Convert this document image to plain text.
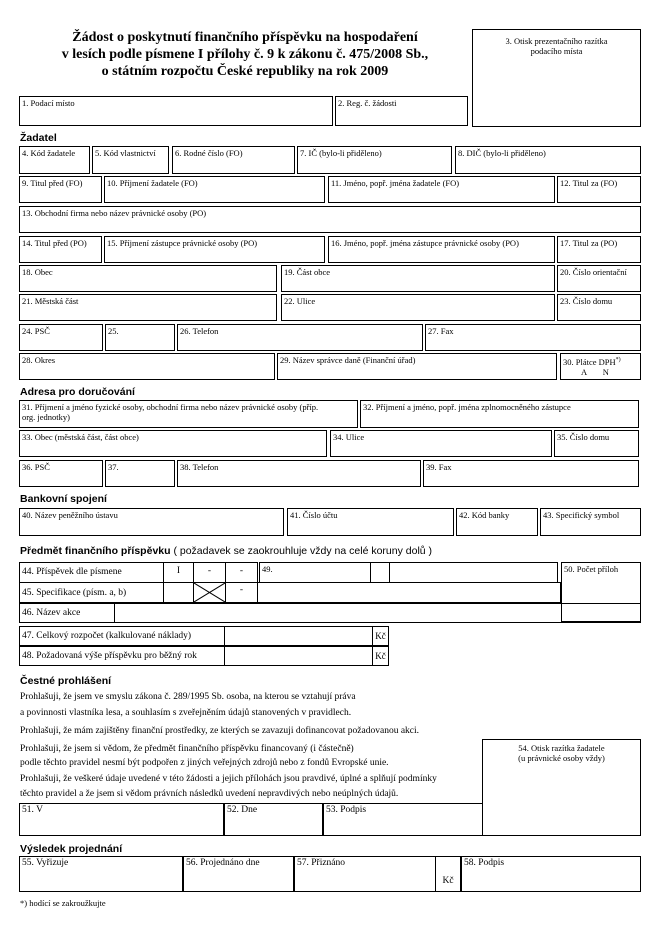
Žádost o poskytnutí finančního příspěvku na hospodaření
v lesích podle písmene I přílohy č. 9 k zákonu č. 475/2008 Sb.,
o státním rozpočtu České republiky na rok 2009
3. Otisk prezentačního razítka
podacího místa
1. Podací místo	2. Reg. č. žádosti
Žadatel
4. Kód žadatele	5. Kód vlastnictví	6. Rodné číslo (FO)	7. IČ (bylo-li přiděleno)	8. DIČ (bylo-li přiděleno)
9. Titul před (FO)	10. Příjmení žadatele (FO)	11. Jméno, popř. jména žadatele (FO)	12. Titul za (FO)
13. Obchodní firma nebo název právnické osoby (PO)
14. Titul před (PO)	15. Příjmení zástupce právnické osoby (PO)	16. Jméno, popř. jména zástupce právnické osoby (PO)	17. Titul za (PO)
18. Obec	19. Část obce	20. Číslo orientační
21. Městská část	22. Ulice	23. Číslo domu
24. PSČ	25.	26. Telefon	27. Fax
28. Okres	29. Název správce daně (Finanční úřad)	30. Plátce DPH*)
A N
Adresa pro doručování
31. Příjmení a jméno fyzické osoby, obchodní firma nebo název právnické osoby (příp.
org. jednotky)
32. Příjmení a jméno, popř. jména zplnomocněného zástupce
33. Obec (městská část, část obce)	34. Ulice	35. Číslo domu
36. PSČ	37.	38. Telefon	39. Fax
Bankovní spojení
40. Název peněžního ústavu	41. Číslo účtu	42. Kód banky	43. Specifický symbol
Předmět finančního příspěvku ( požadavek se zaokrouhluje vždy na celé koruny dolů )
44. Příspěvek dle písmene	I	-	-	49.	50. Počet příloh
45. Specifikace (písm. a, b)	-
46. Název akce
47. Celkový rozpočet (kalkulované náklady)	Kč
48. Požadovaná výše příspěvku pro běžný rok	Kč
Čestné prohlášení
Prohlašuji, že jsem ve smyslu zákona č. 289/1995 Sb. osoba, na kterou se vztahují práva
a povinnosti vlastníka lesa, a souhlasím s zveřejněním údajů stanovených v pravidlech.
Prohlašuji, že mám zajištěny finanční prostředky, ze kterých se zavazuji dofinancovat požadovanou akci.
Prohlašuji, že jsem si vědom, že předmět finančního příspěvku financovaný (i částečně)
podle těchto pravidel nesmí být podpořen z jiných veřejných zdrojů nebo z fondů Evropské unie.
Prohlašuji, že veškeré údaje uvedené v této žádosti a jejich přílohách jsou pravdivé, úplné a splňují podmínky
těchto pravidel a že jsem si vědom právních následků uvedení nepravdivých nebo neúplných údajů.
54. Otisk razítka žadatele
(u právnické osoby vždy)
51. V	52. Dne	53. Podpis
Výsledek projednání
55. Vyřizuje	56. Projednáno dne	57. Přiznáno
Kč
58. Podpis
*) hodící se zakroužkujte
